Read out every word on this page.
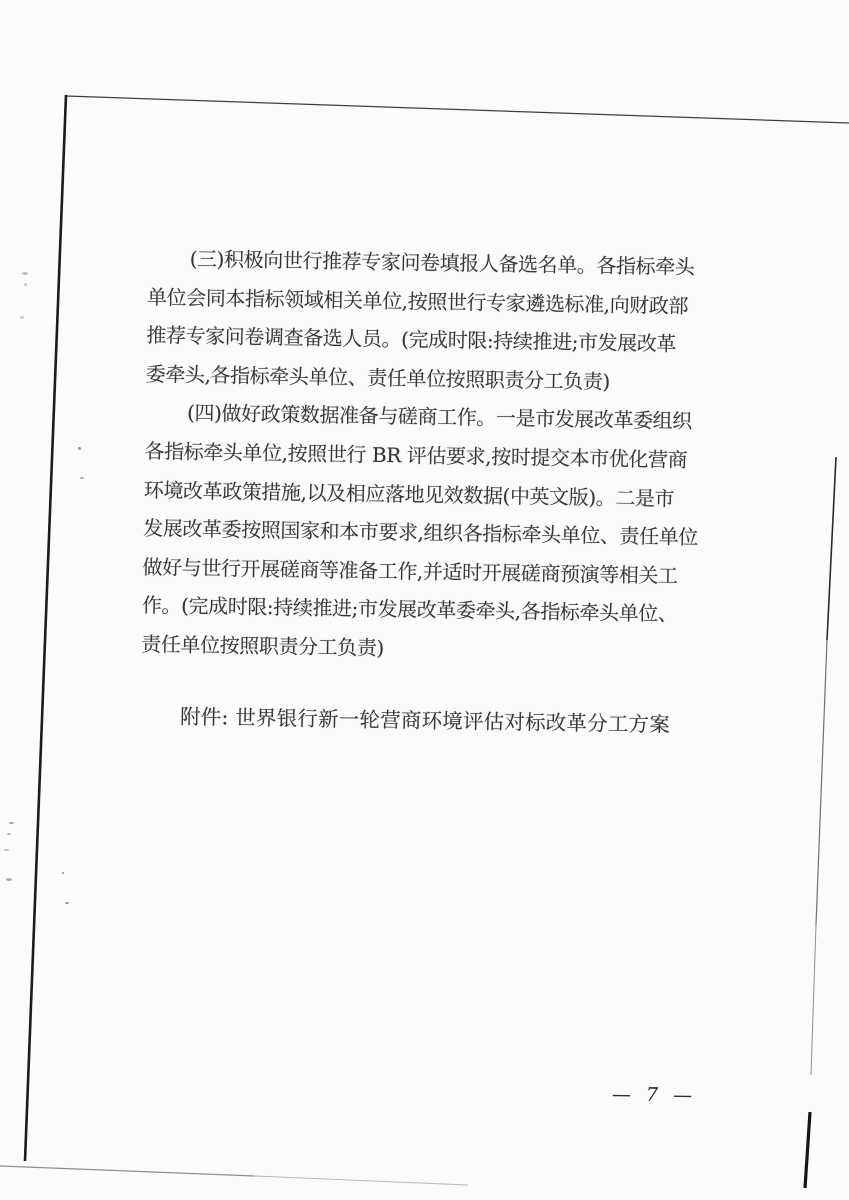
(三)积极向世行推荐专家问卷填报人备选名单。各指标牵头
单位会同本指标领域相关单位,按照世行专家遴选标准,向财政部
推荐专家问卷调查备选人员。(完成时限:持续推进;市发展改革
委牵头,各指标牵头单位、责任单位按照职责分工负责)
(四)做好政策数据准备与磋商工作。一是市发展改革委组织
各指标牵头单位,按照世行 BR 评估要求,按时提交本市优化营商
环境改革政策措施,以及相应落地见效数据(中英文版)。二是市
发展改革委按照国家和本市要求,组织各指标牵头单位、责任单位
做好与世行开展磋商等准备工作,并适时开展磋商预演等相关工
作。(完成时限:持续推进;市发展改革委牵头,各指标牵头单位、
责任单位按照职责分工负责)
附件: 世界银行新一轮营商环境评估对标改革分工方案
— 7 —
